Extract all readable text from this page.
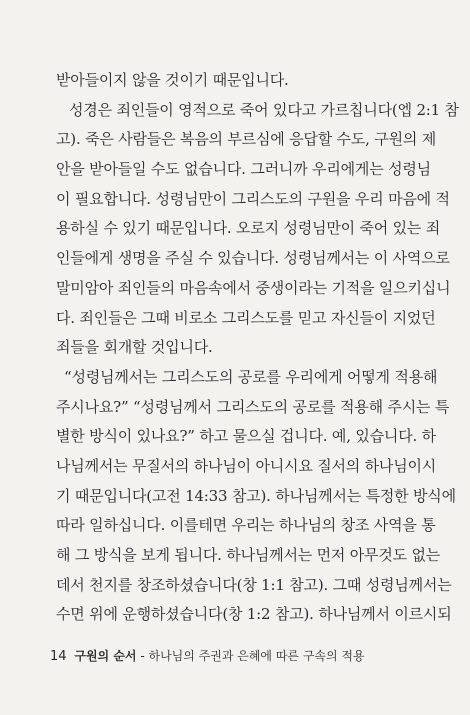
받아들이지 않을 것이기 때문입니다.
성경은 죄인들이 영적으로 죽어 있다고 가르칩니다(엡 2:1 참
고). 죽은 사람들은 복음의 부르심에 응답할 수도, 구원의 제
안을 받아들일 수도 없습니다. 그러니까 우리에게는 성령님
이 필요합니다. 성령님만이 그리스도의 구원을 우리 마음에 적
용하실 수 있기 때문입니다. 오로지 성령님만이 죽어 있는 죄
인들에게 생명을 주실 수 있습니다. 성령님께서는 이 사역으로
말미암아 죄인들의 마음속에서 중생이라는 기적을 일으키십니
다. 죄인들은 그때 비로소 그리스도를 믿고 자신들이 지었던
죄들을 회개할 것입니다.
“성령님께서는 그리스도의 공로를 우리에게 어떻게 적용해
주시나요?” “성령님께서 그리스도의 공로를 적용해 주시는 특
별한 방식이 있나요?” 하고 물으실 겁니다. 예, 있습니다. 하
나님께서는 무질서의 하나님이 아니시요 질서의 하나님이시
기 때문입니다(고전 14:33 참고). 하나님께서는 특정한 방식에
따라 일하십니다. 이를테면 우리는 하나님의 창조 사역을 통
해 그 방식을 보게 됩니다. 하나님께서는 먼저 아무것도 없는
데서 천지를 창조하셨습니다(창 1:1 참고). 그때 성령님께서는
수면 위에 운행하셨습니다(창 1:2 참고). 하나님께서 이르시되
14 구원의 순서 - 하나님의 주권과 은혜에 따른 구속의 적용
